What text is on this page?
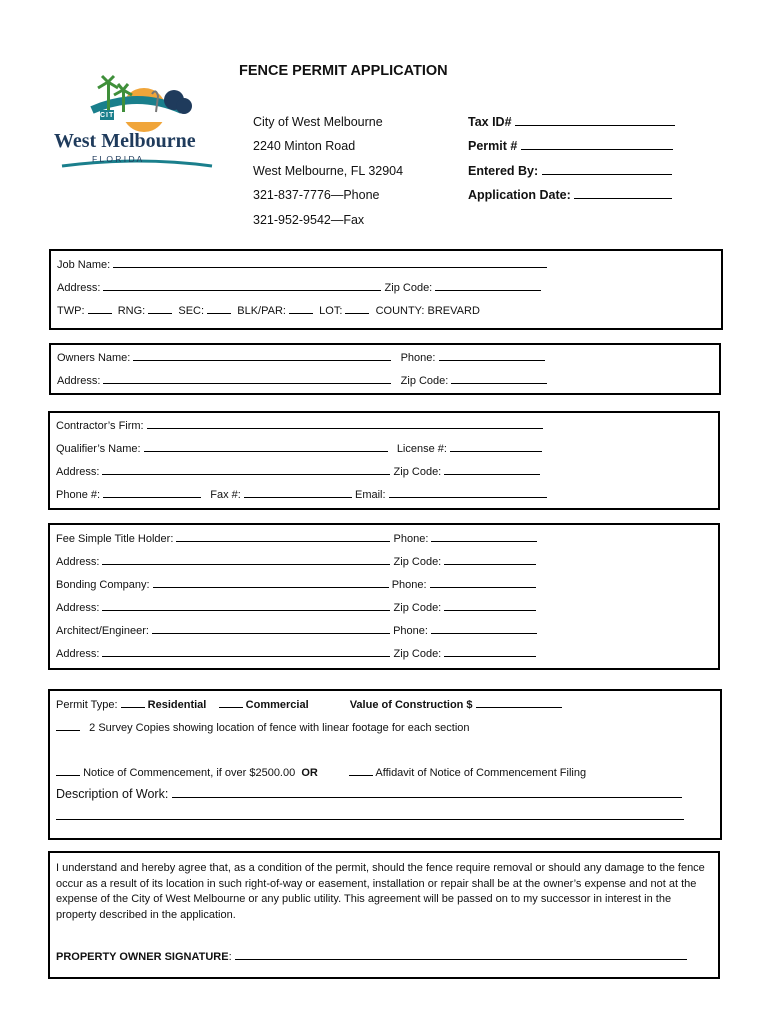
CITY OF
West Melbourne
F L O R I D A
FENCE PERMIT APPLICATION
City of West Melbourne
2240 Minton Road
West Melbourne, FL 32904
321-837-7776—Phone
321-952-9542—Fax
Tax ID#
Permit #
Entered By:
Application Date:
Job Name:
Address:	Zip Code:
TWP:	RNG:	SEC:	BLK/PAR:	LOT:	COUNTY: BREVARD
Owners Name:	Phone:
Address:	Zip Code:
Contractor’s Firm:
Qualifier’s Name:	License #:
Address:	Zip Code:
Phone #:	Fax #:	Email:
Fee Simple Title Holder:	Phone:
Address:	Zip Code:
Bonding Company:	Phone:
Address:	Zip Code:
Architect/Engineer:	Phone:
Address:	Zip Code:
Permit Type:	Residential	Commercial	Value of Construction $
2 Survey Copies showing location of fence with linear footage for each section
Notice of Commencement, if over $2500.00 OR	Affidavit of Notice of Commencement Filing
Description of Work:
I understand and hereby agree that, as a condition of the permit, should the fence require removal or should any damage to the fence occur as a result of its location in such right-of-way or easement, installation or repair shall be at the owner’s expense and not at the expense of the City of West Melbourne or any public utility. This agreement will be passed on to my successor in interest in the property described in the application.
PROPERTY OWNER SIGNATURE:
